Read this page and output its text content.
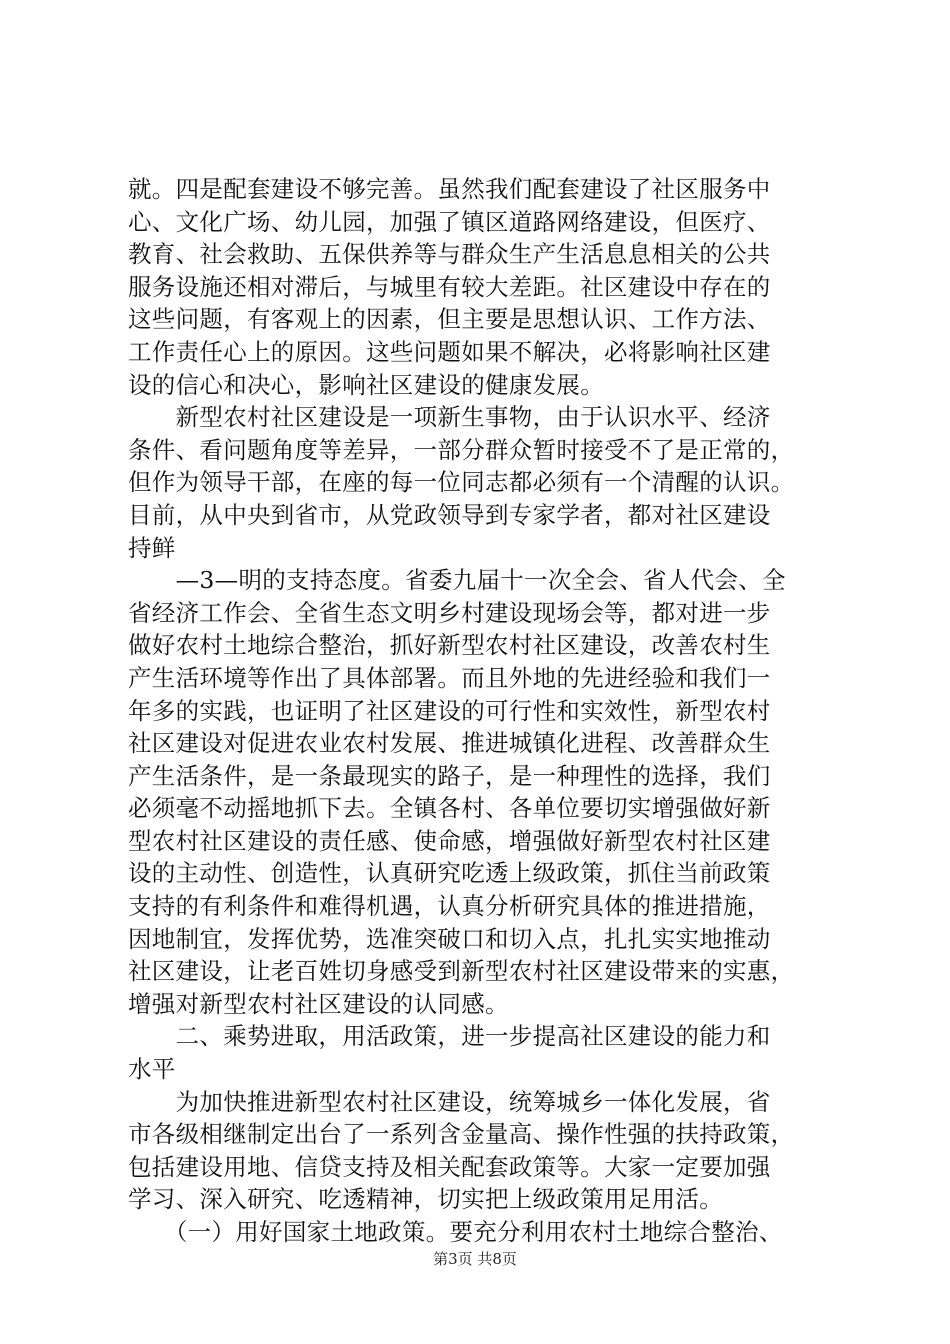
就。四是配套建设不够完善。虽然我们配套建设了社区服务中
心、文化广场、幼儿园，加强了镇区道路网络建设，但医疗、
教育、社会救助、五保供养等与群众生产生活息息相关的公共
服务设施还相对滞后，与城里有较大差距。社区建设中存在的
这些问题，有客观上的因素，但主要是思想认识、工作方法、
工作责任心上的原因。这些问题如果不解决，必将影响社区建
设的信心和决心，影响社区建设的健康发展。
　　新型农村社区建设是一项新生事物，由于认识水平、经济
条件、看问题角度等差异，一部分群众暂时接受不了是正常的，
但作为领导干部，在座的每一位同志都必须有一个清醒的认识。
目前，从中央到省市，从党政领导到专家学者，都对社区建设
持鲜
　　—3—明的支持态度。省委九届十一次全会、省人代会、全
省经济工作会、全省生态文明乡村建设现场会等，都对进一步
做好农村土地综合整治，抓好新型农村社区建设，改善农村生
产生活环境等作出了具体部署。而且外地的先进经验和我们一
年多的实践，也证明了社区建设的可行性和实效性，新型农村
社区建设对促进农业农村发展、推进城镇化进程、改善群众生
产生活条件，是一条最现实的路子，是一种理性的选择，我们
必须毫不动摇地抓下去。全镇各村、各单位要切实增强做好新
型农村社区建设的责任感、使命感，增强做好新型农村社区建
设的主动性、创造性，认真研究吃透上级政策，抓住当前政策
支持的有利条件和难得机遇，认真分析研究具体的推进措施，
因地制宜，发挥优势，选准突破口和切入点，扎扎实实地推动
社区建设，让老百姓切身感受到新型农村社区建设带来的实惠，
增强对新型农村社区建设的认同感。
　　二、乘势进取，用活政策，进一步提高社区建设的能力和
水平
　　为加快推进新型农村社区建设，统筹城乡一体化发展，省
市各级相继制定出台了一系列含金量高、操作性强的扶持政策，
包括建设用地、信贷支持及相关配套政策等。大家一定要加强
学习、深入研究、吃透精神，切实把上级政策用足用活。
　　（一）用好国家土地政策。要充分利用农村土地综合整治、
第3页 共8页
